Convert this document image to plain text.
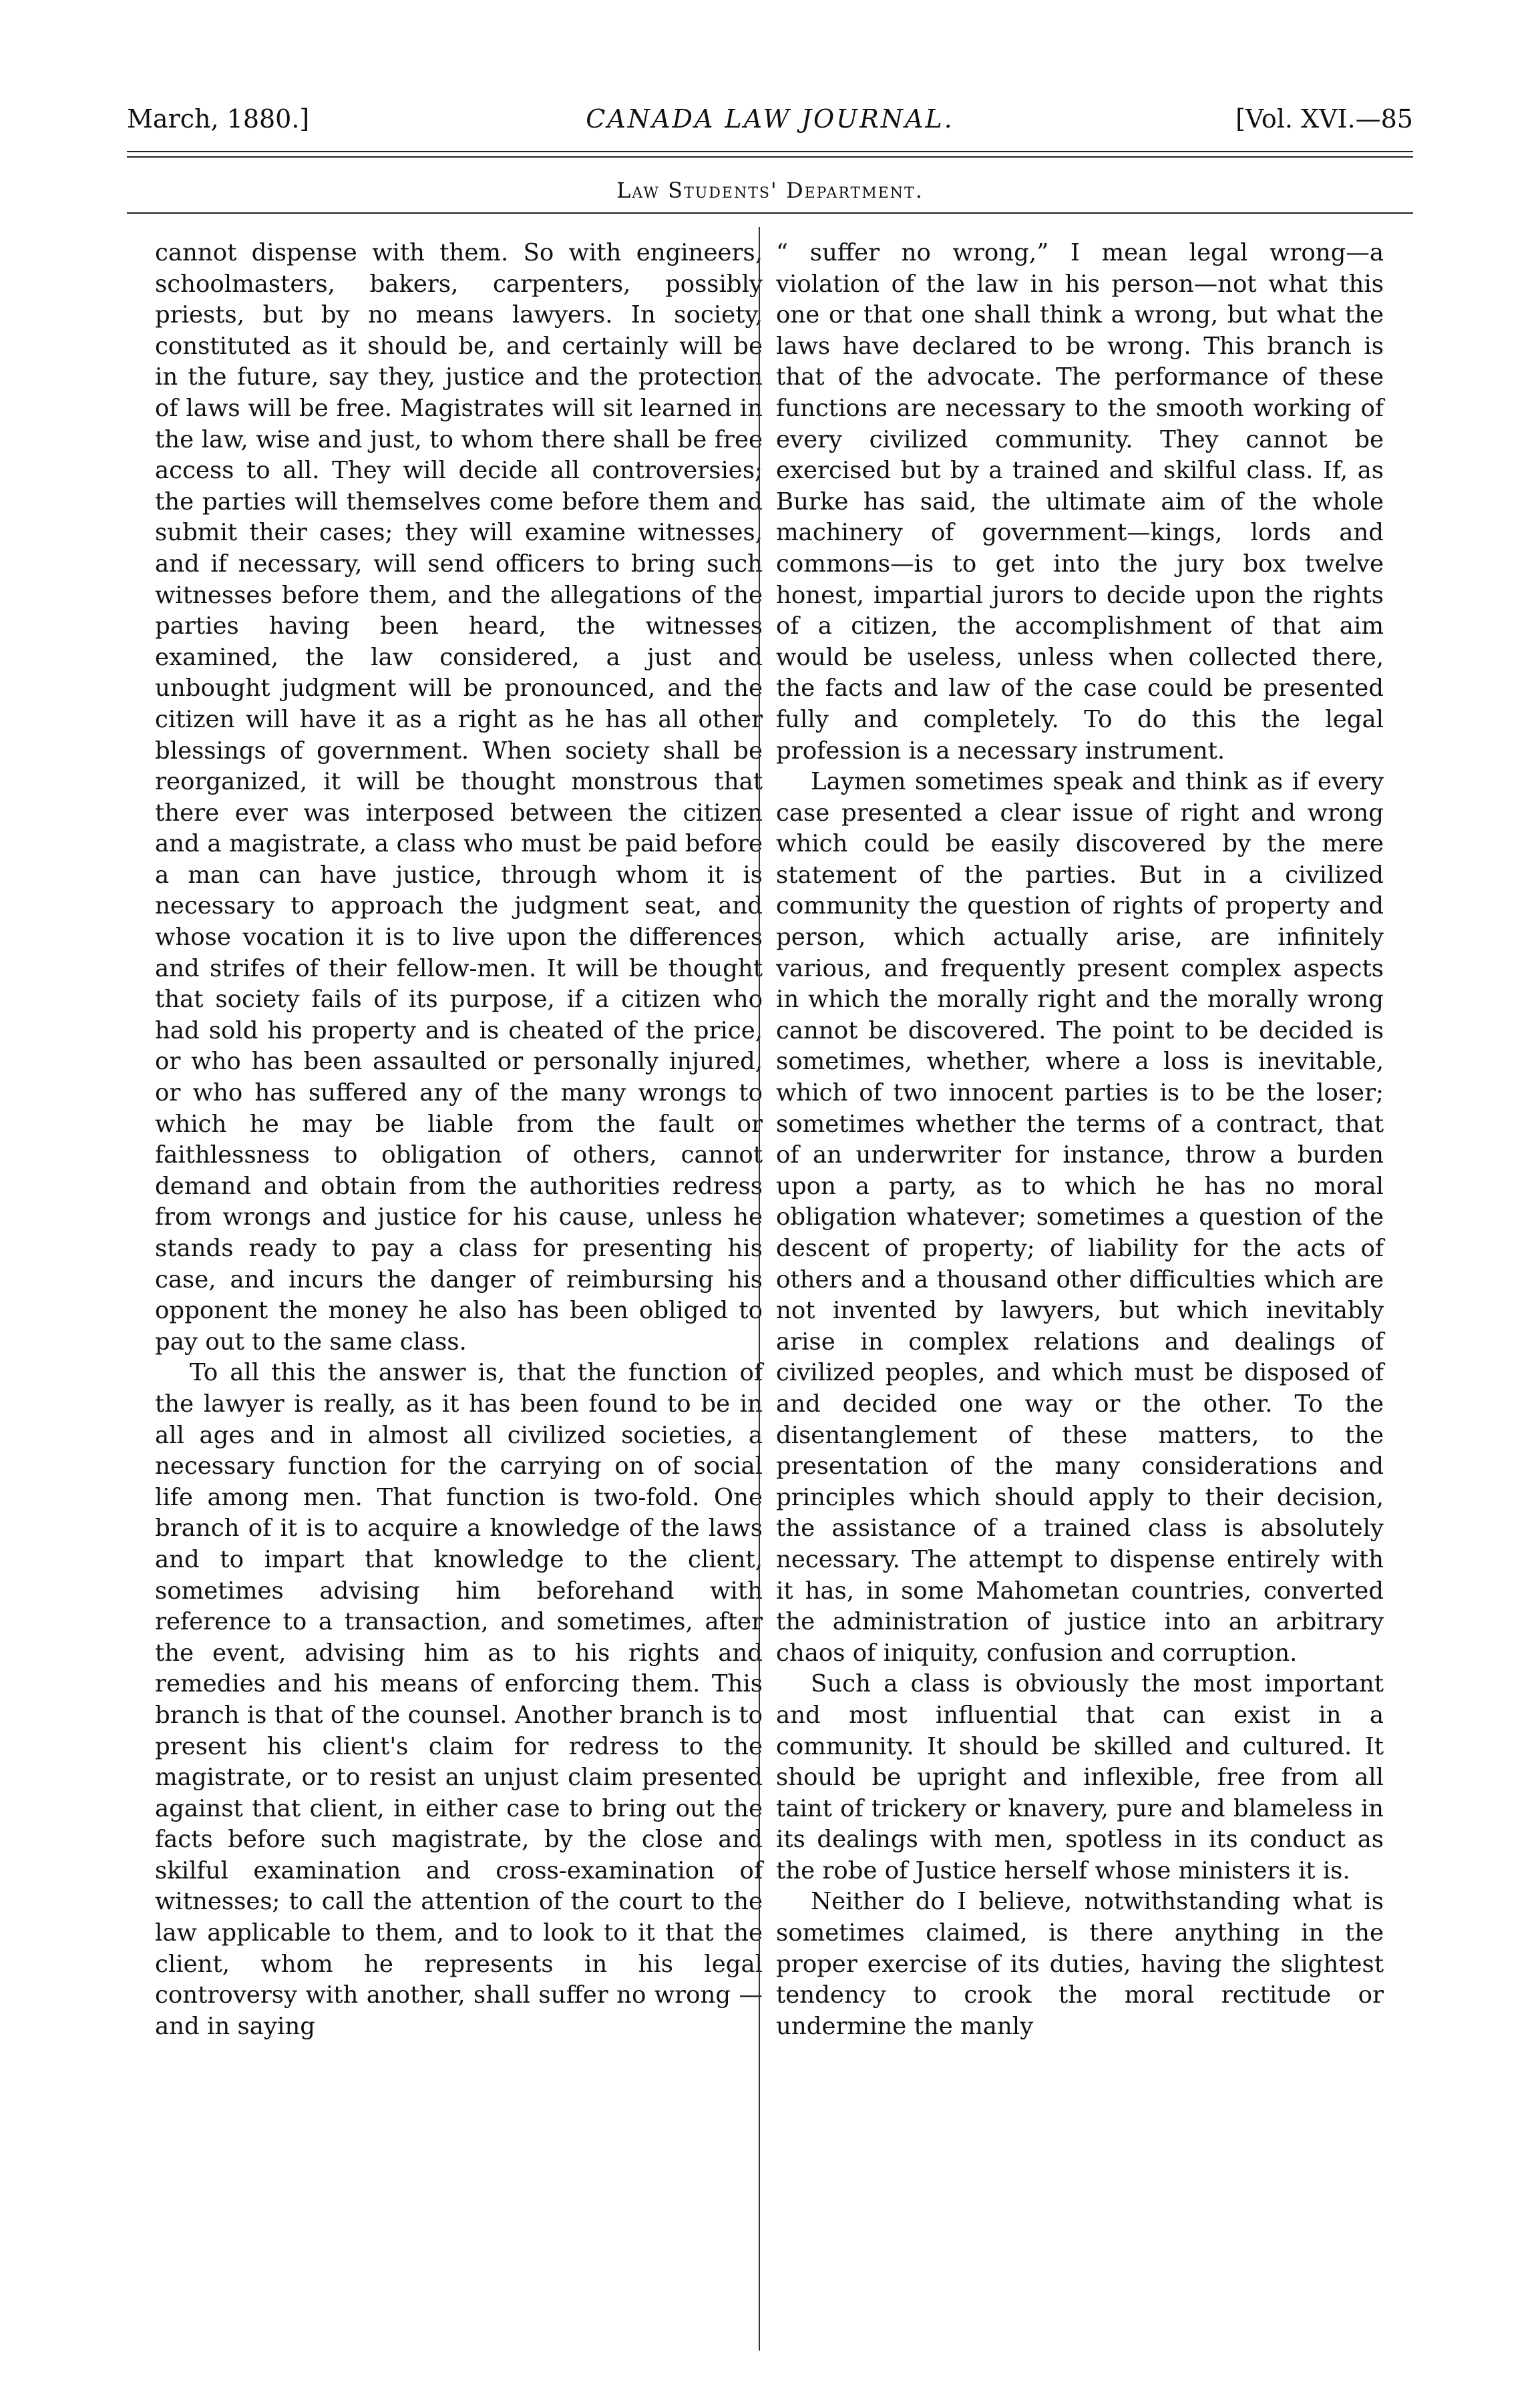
March, 1880.]	CANADA LAW JOURNAL.	[Vol. XVI.—85
Law Students' Department.

cannot dispense with them. So with engineers, schoolmasters, bakers, carpenters, possibly priests, but by no means lawyers. In society, constituted as it should be, and certainly will be in the future, say they, justice and the protection of laws will be free. Magistrates will sit learned in the law, wise and just, to whom there shall be free access to all. They will decide all controversies; the parties will themselves come before them and submit their cases; they will examine witnesses, and if necessary, will send officers to bring such witnesses before them, and the allegations of the parties having been heard, the witnesses examined, the law considered, a just and unbought judgment will be pronounced, and the citizen will have it as a right as he has all other blessings of government. When society shall be reorganized, it will be thought monstrous that there ever was interposed between the citizen and a magistrate, a class who must be paid before a man can have justice, through whom it is necessary to approach the judgment seat, and whose vocation it is to live upon the differences and strifes of their fellow-men. It will be thought that society fails of its purpose, if a citizen who had sold his property and is cheated of the price, or who has been assaulted or personally injured, or who has suffered any of the many wrongs to which he may be liable from the fault or faithlessness to obligation of others, cannot demand and obtain from the authorities redress from wrongs and justice for his cause, unless he stands ready to pay a class for presenting his case, and incurs the danger of reimbursing his opponent the money he also has been obliged to pay out to the same class.

To all this the answer is, that the function of the lawyer is really, as it has been found to be in all ages and in almost all civilized societies, a necessary function for the carrying on of social life among men. That function is two-fold. One branch of it is to acquire a knowledge of the laws and to impart that knowledge to the client, sometimes advising him beforehand with reference to a transaction, and sometimes, after the event, advising him as to his rights and remedies and his means of enforcing them. This branch is that of the counsel. Another branch is to present his client's claim for redress to the magistrate, or to resist an unjust claim presented against that client, in either case to bring out the facts before such magistrate, by the close and skilful examination and cross-examination of witnesses; to call the attention of the court to the law applicable to them, and to look to it that the client, whom he represents in his legal controversy with another, shall suffer no wrong — and in saying

“ suffer no wrong,” I mean legal wrong—a violation of the law in his person—not what this one or that one shall think a wrong, but what the laws have declared to be wrong. This branch is that of the advocate. The performance of these functions are necessary to the smooth working of every civilized community. They cannot be exercised but by a trained and skilful class. If, as Burke has said, the ultimate aim of the whole machinery of government—kings, lords and commons—is to get into the jury box twelve honest, impartial jurors to decide upon the rights of a citizen, the accomplishment of that aim would be useless, unless when collected there, the facts and law of the case could be presented fully and completely. To do this the legal profession is a necessary instrument.

Laymen sometimes speak and think as if every case presented a clear issue of right and wrong which could be easily discovered by the mere statement of the parties. But in a civilized community the question of rights of property and person, which actually arise, are infinitely various, and frequently present complex aspects in which the morally right and the morally wrong cannot be discovered. The point to be decided is sometimes, whether, where a loss is inevitable, which of two innocent parties is to be the loser; sometimes whether the terms of a contract, that of an underwriter for instance, throw a burden upon a party, as to which he has no moral obligation whatever; sometimes a question of the descent of property; of liability for the acts of others and a thousand other difficulties which are not invented by lawyers, but which inevitably arise in complex relations and dealings of civilized peoples, and which must be disposed of and decided one way or the other. To the disentanglement of these matters, to the presentation of the many considerations and principles which should apply to their decision, the assistance of a trained class is absolutely necessary. The attempt to dispense entirely with it has, in some Mahometan countries, converted the administration of justice into an arbitrary chaos of iniquity, confusion and corruption.

Such a class is obviously the most important and most influential that can exist in a community. It should be skilled and cultured. It should be upright and inflexible, free from all taint of trickery or knavery, pure and blameless in its dealings with men, spotless in its conduct as the robe of Justice herself whose ministers it is.

Neither do I believe, notwithstanding what is sometimes claimed, is there anything in the proper exercise of its duties, having the slightest tendency to crook the moral rectitude or undermine the manly
